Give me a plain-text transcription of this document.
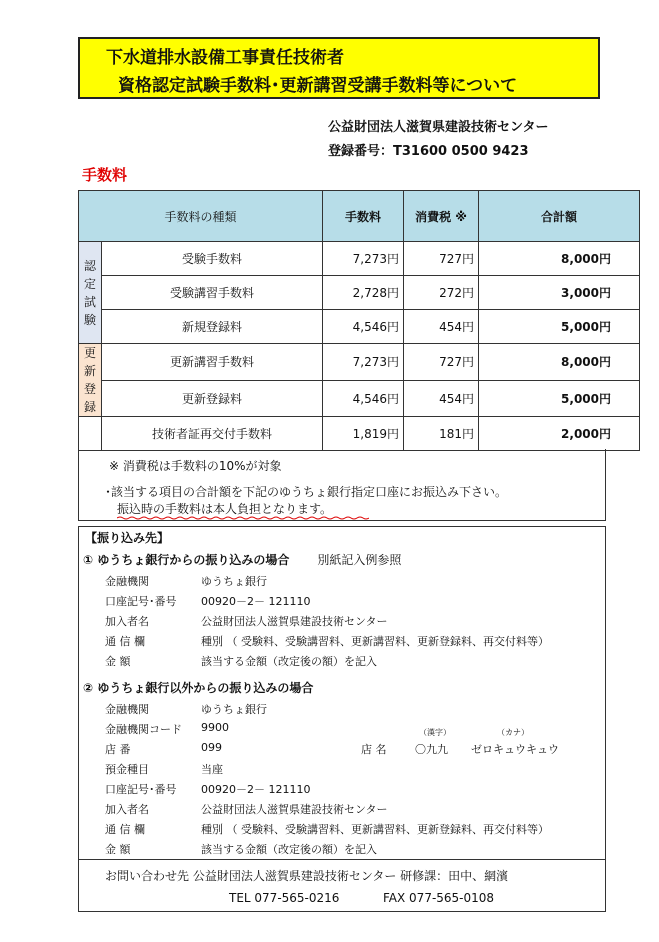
下水道排水設備工事責任技術者
資格認定試験手数料･更新講習受講手数料等について
公益財団法人滋賀県建設技術センター
登録番号：T31600 0500 9423
手数料
手数料の種類		手数料	消費税 ※	合計額
認
定
試
験	受験手数料	7,273円	727円	8,000円
	受験講習手数料	2,728円	272円	3,000円
	新規登録料	4,546円	454円	5,000円
更
新
登
録	更新講習手数料	7,273円	727円	8,000円
	更新登録料	4,546円	454円	5,000円
	技術者証再交付手数料	1,819円	181円	2,000円
※ 消費税は手数料の10%が対象
･該当する項目の合計額を下記のゆうちょ銀行指定口座にお振込み下さい。
振込時の手数料は本人負担となります。
【振り込み先】
① ゆうちょ銀行からの振り込みの場合 別紙記入例参照
金融機関	ゆうちょ銀行
口座記号･番号 00920－2－ 121110
加入者名	公益財団法人滋賀県建設技術センター
通 信 欄	種別 （ 受験料、受験講習料、更新講習料、更新登録料、再交付料等）
金 額	該当する金額（改定後の額）を記入
② ゆうちょ銀行以外からの振り込みの場合
金融機関	ゆうちょ銀行
金融機関コード 9900	（漢字）	（カナ）
店 番	099	店 名	〇九九 ゼロキュウキュウ
預金種目	当座
口座記号･番号 00920－2－ 121110
加入者名	公益財団法人滋賀県建設技術センター
通 信 欄	種別 （ 受験料、受験講習料、更新講習料、更新登録料、再交付料等）
金 額	該当する金額（改定後の額）を記入
お問い合わせ先 公益財団法人滋賀県建設技術センター 研修課：田中、網濱
TEL 077-565-0216	FAX 077-565-0108
